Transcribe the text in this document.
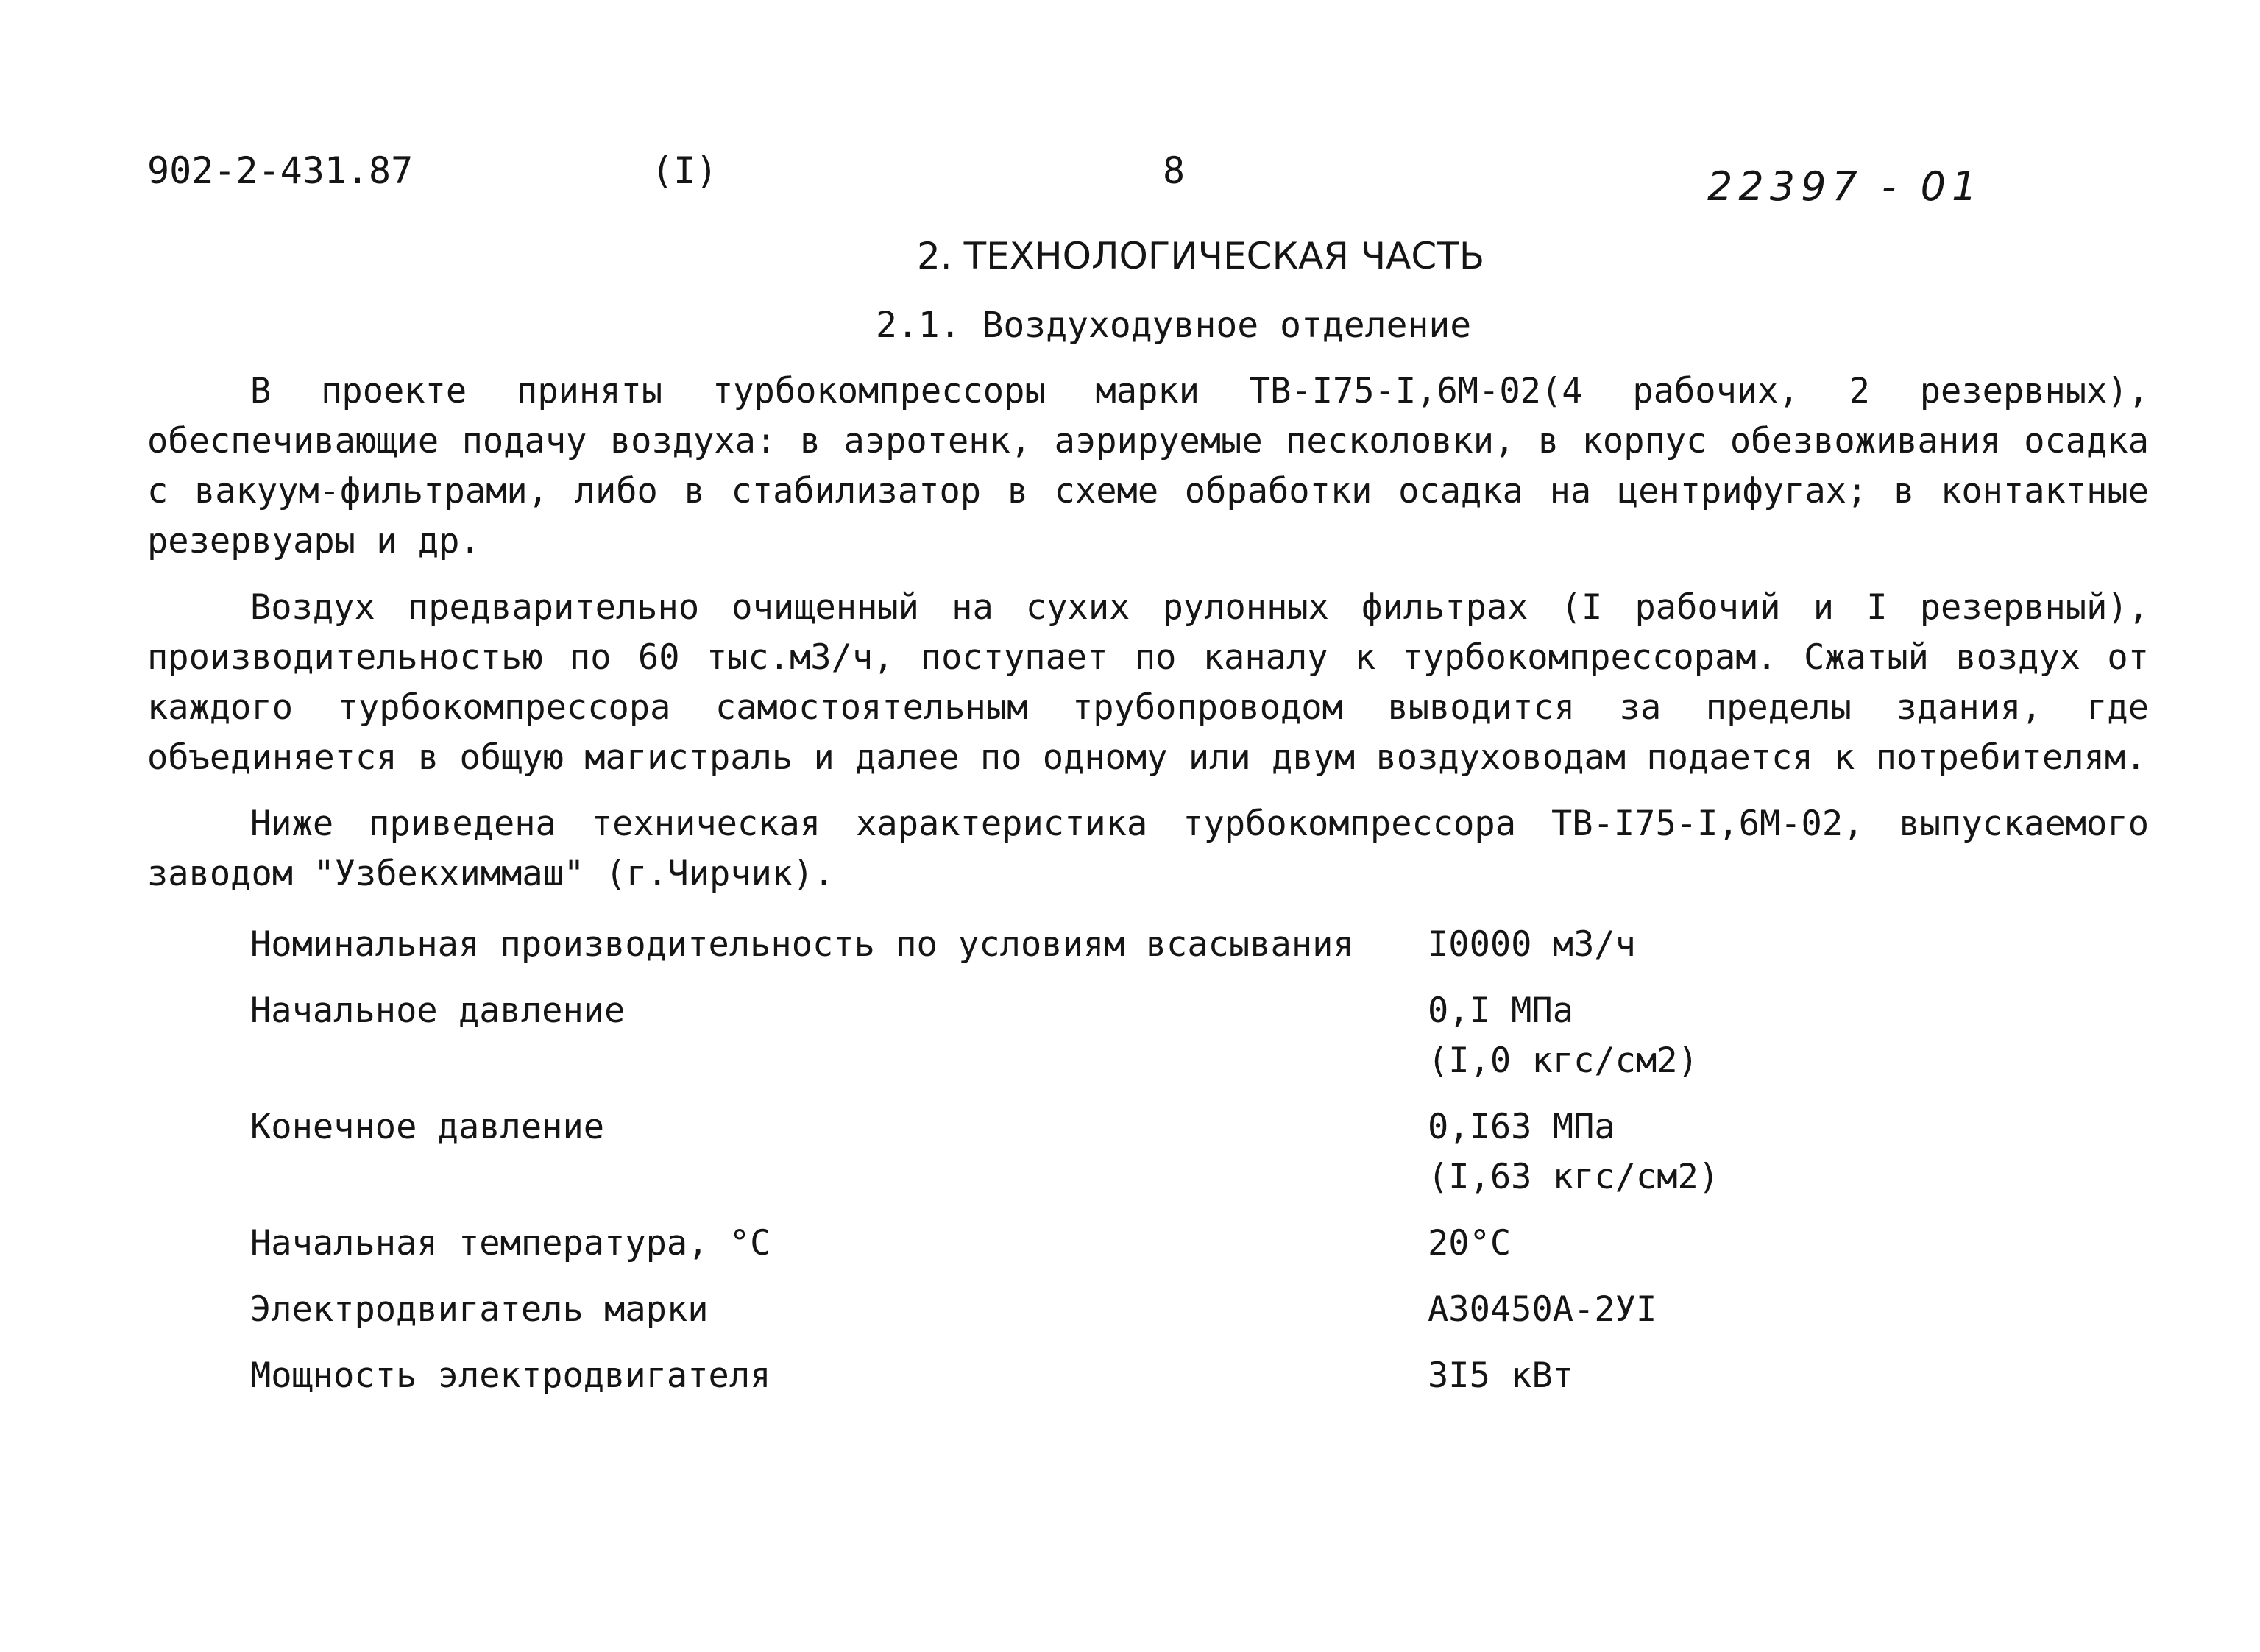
902-2-431.87	(I)	8	22397 - 01
2. ТЕХНОЛОГИЧЕСКАЯ ЧАСТЬ
2.1. Воздуходувное отделение

В проекте приняты турбокомпрессоры марки ТВ-I75-I,6М-02(4 рабочих, 2 резервных), обеспечивающие подачу воздуха: в аэротенк, аэрируемые песколовки, в корпус обезвоживания осадка с вакуум-фильтрами, либо в стабилизатор в схеме обработки осадка на центрифугах; в контактные резервуары и др.

Воздух предварительно очищенный на сухих рулонных фильтрах (I рабочий и I резервный), производительностью по 60 тыс.м3/ч, поступает по каналу к турбокомпрессорам. Сжатый воздух от каждого турбокомпрессора самостоятельным трубопроводом выводится за пределы здания, где объединяется в общую магистраль и далее по одному или двум воздуховодам подается к потребителям.

Ниже приведена техническая характеристика турбокомпрессора ТВ-I75-I,6М-02, выпускаемого заводом "Узбекхиммаш" (г.Чирчик).

Номинальная производительность по условиям всасывания	I0000 м3/ч
Начальное давление	0,I МПа
(I,0 кгс/см2)
Конечное давление	0,I63 МПа
(I,63 кгс/см2)
Начальная температура, °С	20°С
Электродвигатель марки	А30450А-2УI
Мощность электродвигателя	3I5 кВт
